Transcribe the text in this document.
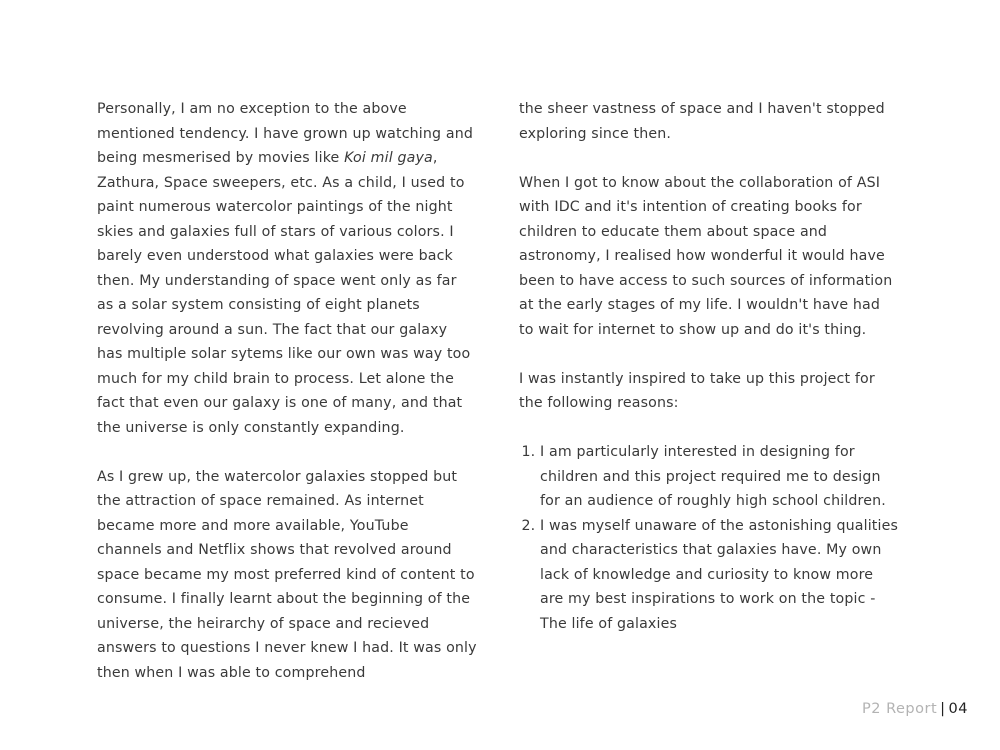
Personally, I am no exception to the above mentioned tendency. I have grown up watching and being mesmerised by movies like Koi mil gaya, Zathura, Space sweepers, etc. As a child, I used to paint numerous watercolor paintings of the night skies and galaxies full of stars of various colors. I barely even understood what galaxies were back then. My understanding of space went only as far as a solar system consisting of eight planets revolving around a sun. The fact that our galaxy has multiple solar sytems like our own was way too much for my child brain to process. Let alone the fact that even our galaxy is one of many, and that the universe is only constantly expanding.

As I grew up, the watercolor galaxies stopped but the attraction of space remained. As internet became more and more available, YouTube channels and Netflix shows that revolved around space became my most preferred kind of content to consume. I finally learnt about the beginning of the universe, the heirarchy of space and recieved answers to questions I never knew I had. It was only then when I was able to comprehend

the sheer vastness of space and I haven't stopped exploring since then.

When I got to know about the collaboration of ASI with IDC and it's intention of creating books for children to educate them about space and astronomy, I realised how wonderful it would have been to have access to such sources of information at the early stages of my life. I wouldn't have had to wait for internet to show up and do it's thing.

I was instantly inspired to take up this project for the following reasons:

1. I am particularly interested in designing for children and this project required me to design for an audience of roughly high school children.
2. I was myself unaware of the astonishing qualities and characteristics that galaxies have. My own lack of knowledge and curiosity to know more are my best inspirations to work on the topic - The life of galaxies
P2 Report | 04
